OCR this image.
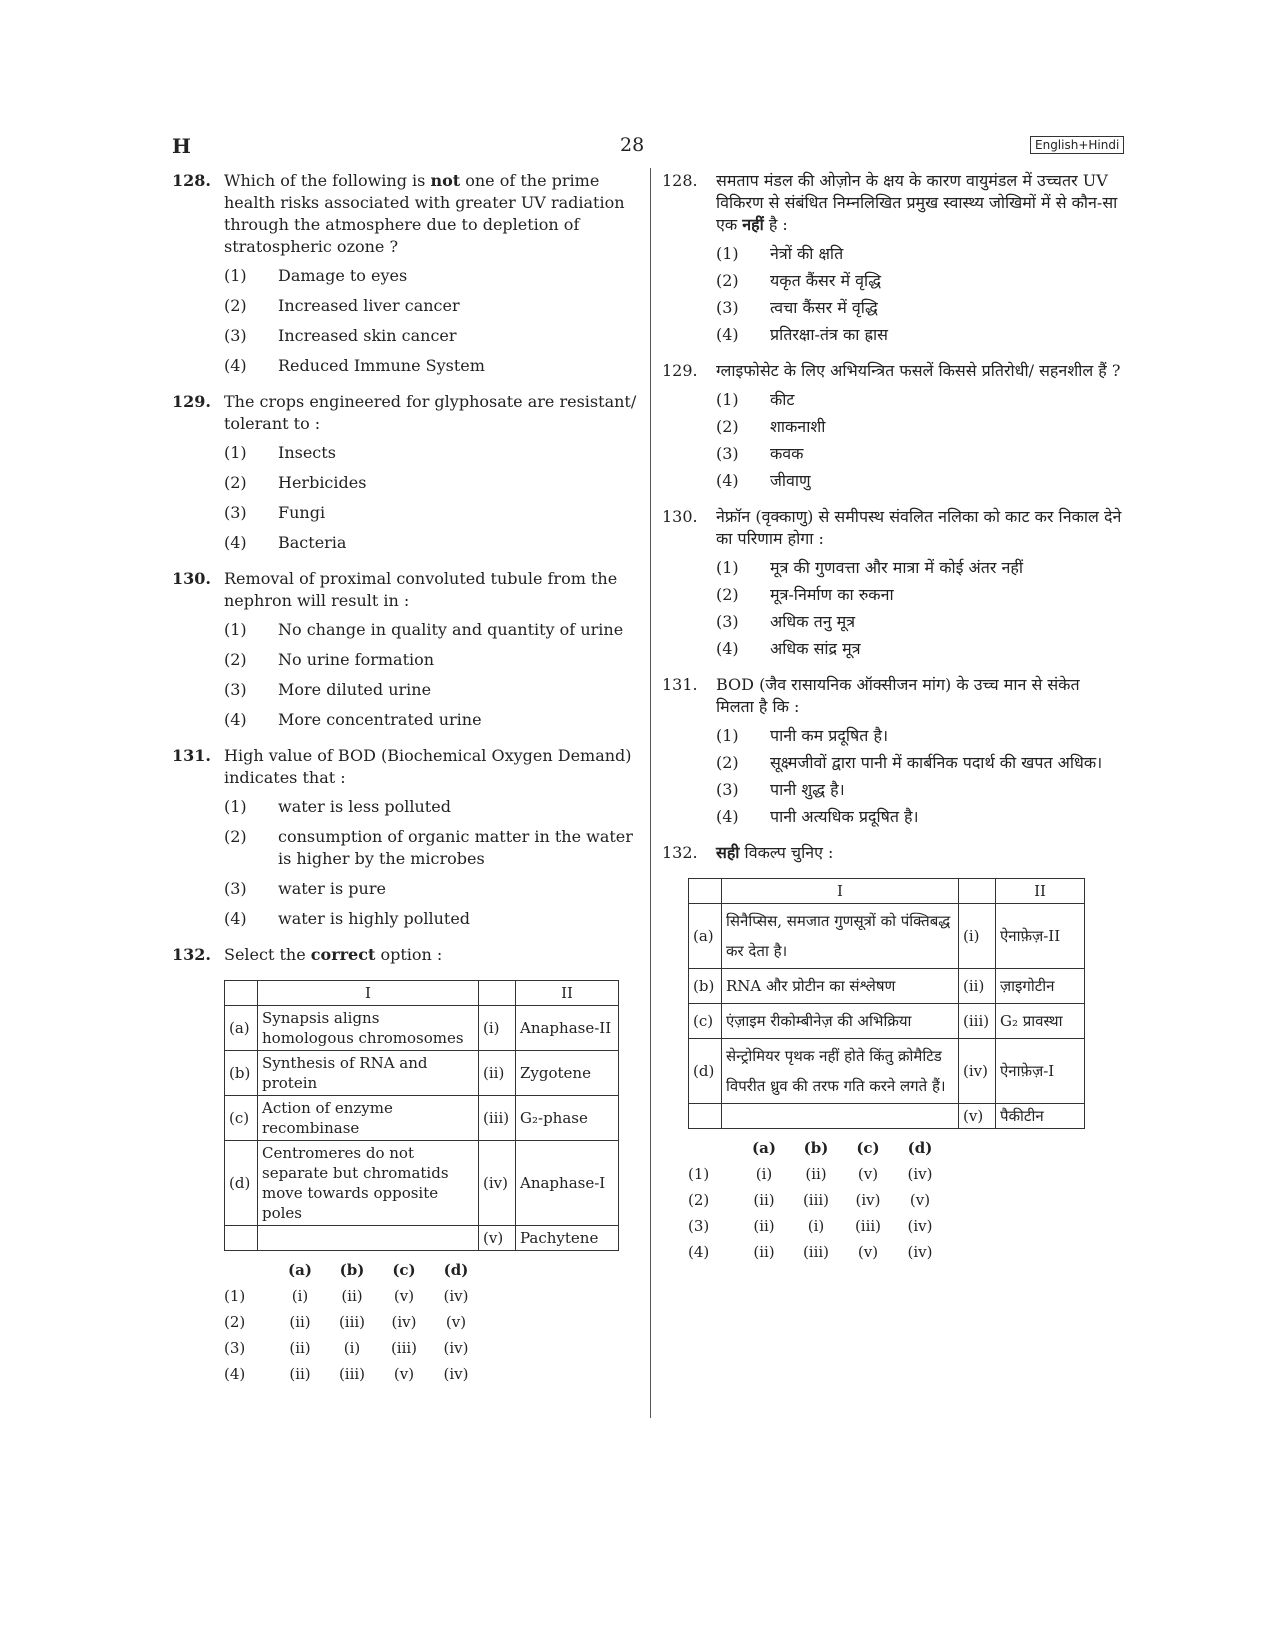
H	28	English+Hindi
128. Which of the following is not one of the prime health risks associated with greater UV radiation through the atmosphere due to depletion of stratospheric ozone ?
(1)	Damage to eyes
(2)	Increased liver cancer
(3)	Increased skin cancer
(4)	Reduced Immune System
129. The crops engineered for glyphosate are resistant/ tolerant to :
(1)	Insects
(2)	Herbicides
(3)	Fungi
(4)	Bacteria
130. Removal of proximal convoluted tubule from the nephron will result in :
(1)	No change in quality and quantity of urine
(2)	No urine formation
(3)	More diluted urine
(4)	More concentrated urine
131. High value of BOD (Biochemical Oxygen Demand) indicates that :
(1)	water is less polluted
(2)	consumption of organic matter in the water is higher by the microbes
(3)	water is pure
(4)	water is highly polluted
132. Select the correct option :
	I		II
(a)	Synapsis aligns homologous chromosomes	(i)	Anaphase-II
(b)	Synthesis of RNA and protein	(ii)	Zygotene
(c)	Action of enzyme recombinase	(iii)	G₂-phase
(d)	Centromeres do not separate but chromatids move towards opposite poles	(iv)	Anaphase-I
		(v)	Pachytene
	(a)	(b)	(c)	(d)
(1)	(i)	(ii)	(v)	(iv)
(2)	(ii)	(iii)	(iv)	(v)
(3)	(ii)	(i)	(iii)	(iv)
(4)	(ii)	(iii)	(v)	(iv)
128.	समताप मंडल की ओज़ोन के क्षय के कारण वायुमंडल में उच्चतर UV विकिरण से संबंधित निम्नलिखित प्रमुख स्वास्थ्य जोखिमों में से कौन-सा एक नहीं है :
(1)	नेत्रों की क्षति
(2)	यकृत कैंसर में वृद्धि
(3)	त्वचा कैंसर में वृद्धि
(4)	प्रतिरक्षा-तंत्र का ह्रास
129.	ग्लाइफोसेट के लिए अभियन्त्रित फसलें किससे प्रतिरोधी/ सहनशील हैं ?
(1)	कीट
(2)	शाकनाशी
(3)	कवक
(4)	जीवाणु
130.	नेफ्रॉन (वृक्काणु) से समीपस्थ संवलित नलिका को काट कर निकाल देने का परिणाम होगा :
(1)	मूत्र की गुणवत्ता और मात्रा में कोई अंतर नहीं
(2)	मूत्र-निर्माण का रुकना
(3)	अधिक तनु मूत्र
(4)	अधिक सांद्र मूत्र
131.	BOD (जैव रासायनिक ऑक्सीजन मांग) के उच्च मान से संकेत मिलता है कि :
(1)	पानी कम प्रदूषित है।
(2)	सूक्ष्मजीवों द्वारा पानी में कार्बनिक पदार्थ की खपत अधिक।
(3)	पानी शुद्ध है।
(4)	पानी अत्यधिक प्रदूषित है।
132.	सही विकल्प चुनिए :
	I		II
(a)	सिनैप्सिस, समजात गुणसूत्रों को पंक्तिबद्ध कर देता है।	(i)	ऐनाफ़ेज़-II
(b)	RNA और प्रोटीन का संश्लेषण	(ii)	ज़ाइगोटीन
(c)	एंज़ाइम रीकोम्बीनेज़ की अभिक्रिया	(iii)	G₂ प्रावस्था
(d)	सेन्ट्रोमियर पृथक नहीं होते किंतु क्रोमैटिड विपरीत ध्रुव की तरफ गति करने लगते हैं।	(iv)	ऐनाफ़ेज़-I
		(v)	पैकीटीन
	(a)	(b)	(c)	(d)
(1)	(i)	(ii)	(v)	(iv)
(2)	(ii)	(iii)	(iv)	(v)
(3)	(ii)	(i)	(iii)	(iv)
(4)	(ii)	(iii)	(v)	(iv)
